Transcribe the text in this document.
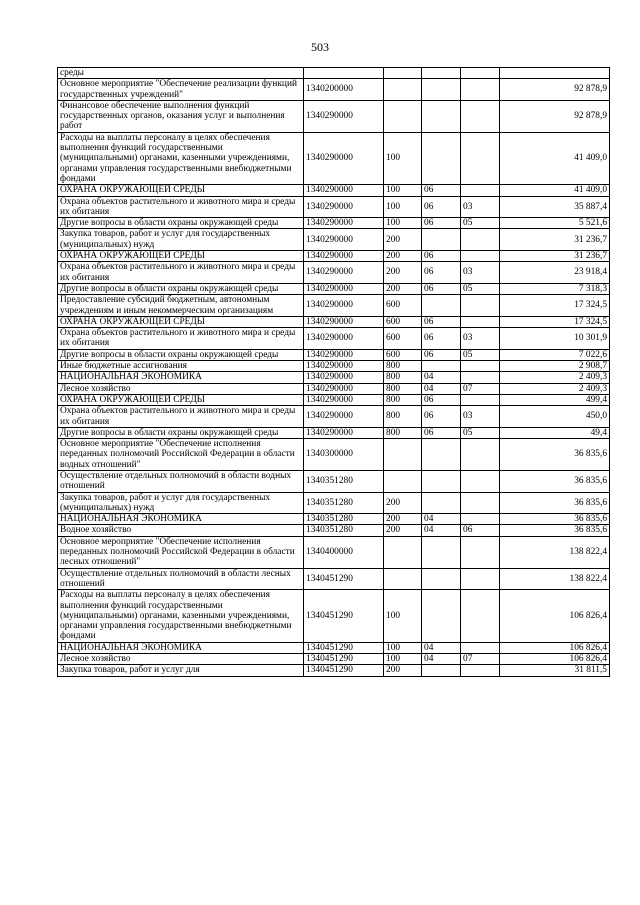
503
среды					
Основное мероприятие "Обеспечение реализации функций государственных учреждений"	1340200000				92 878,9
Финансовое обеспечение выполнения функций государственных органов, оказания услуг и выполнения работ	1340290000				92 878,9
Расходы на выплаты персоналу в целях обеспечения выполнения функций государственными (муниципальными) органами, казенными учреждениями, органами управления государственными внебюджетными фондами	1340290000	100			41 409,0
ОХРАНА ОКРУЖАЮЩЕЙ СРЕДЫ	1340290000	100	06		41 409,0
Охрана объектов растительного и животного мира и среды их обитания	1340290000	100	06	03	35 887,4
Другие вопросы в области охраны окружающей среды	1340290000	100	06	05	5 521,6
Закупка товаров, работ и услуг для государственных (муниципальных) нужд	1340290000	200			31 236,7
ОХРАНА ОКРУЖАЮЩЕЙ СРЕДЫ	1340290000	200	06		31 236,7
Охрана объектов растительного и животного мира и среды их обитания	1340290000	200	06	03	23 918,4
Другие вопросы в области охраны окружающей среды	1340290000	200	06	05	7 318,3
Предоставление субсидий бюджетным, автономным учреждениям и иным некоммерческим организациям	1340290000	600			17 324,5
ОХРАНА ОКРУЖАЮЩЕЙ СРЕДЫ	1340290000	600	06		17 324,5
Охрана объектов растительного и животного мира и среды их обитания	1340290000	600	06	03	10 301,9
Другие вопросы в области охраны окружающей среды	1340290000	600	06	05	7 022,6
Иные бюджетные ассигнования	1340290000	800			2 908,7
НАЦИОНАЛЬНАЯ ЭКОНОМИКА	1340290000	800	04		2 409,3
Лесное хозяйство	1340290000	800	04	07	2 409,3
ОХРАНА ОКРУЖАЮЩЕЙ СРЕДЫ	1340290000	800	06		499,4
Охрана объектов растительного и животного мира и среды их обитания	1340290000	800	06	03	450,0
Другие вопросы в области охраны окружающей среды	1340290000	800	06	05	49,4
Основное мероприятие "Обеспечение исполнения переданных полномочий Российской Федерации в области водных отношений"	1340300000				36 835,6
Осуществление отдельных полномочий в области водных отношений	1340351280				36 835,6
Закупка товаров, работ и услуг для государственных (муниципальных) нужд	1340351280	200			36 835,6
НАЦИОНАЛЬНАЯ ЭКОНОМИКА	1340351280	200	04		36 835,6
Водное хозяйство	1340351280	200	04	06	36 835,6
Основное мероприятие "Обеспечение исполнения переданных полномочий Российской Федерации в области лесных отношений"	1340400000				138 822,4
Осуществление отдельных полномочий в области лесных отношений	1340451290				138 822,4
Расходы на выплаты персоналу в целях обеспечения выполнения функций государственными (муниципальными) органами, казенными учреждениями, органами управления государственными внебюджетными фондами	1340451290	100			106 826,4
НАЦИОНАЛЬНАЯ ЭКОНОМИКА	1340451290	100	04		106 826,4
Лесное хозяйство	1340451290	100	04	07	106 826,4
Закупка товаров, работ и услуг для	1340451290	200			31 811,5
